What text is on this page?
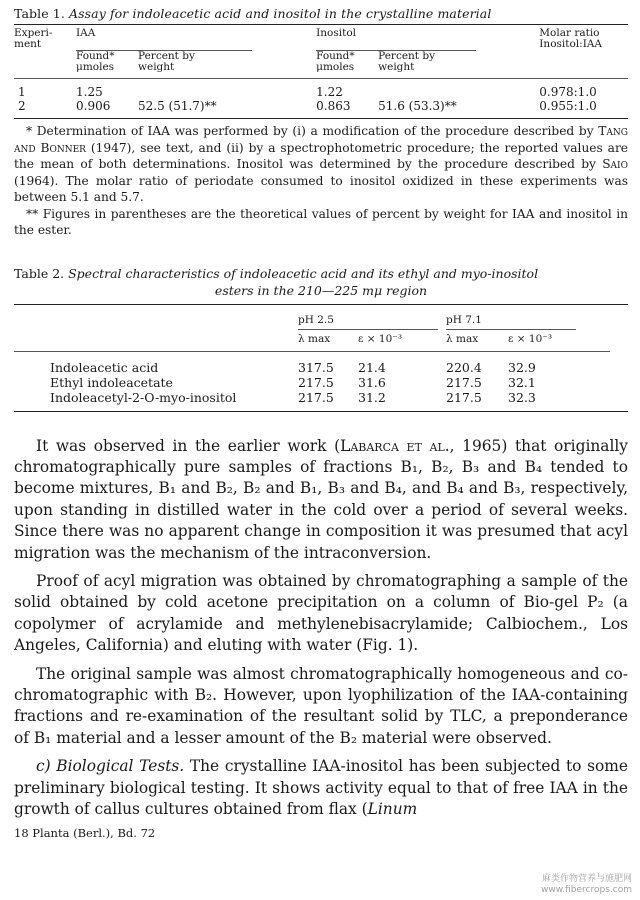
Table 1. Assay for indoleacetic acid and inositol in the crystalline material
Experi-
ment	IAA		Inositol		Molar ratio
Inositol:IAA

	Found*
μmoles	Percent by
weight	Found*
μmoles	Percent by
weight	

1	1.25		1.22		0.978:1.0
2	0.906	52.5 (51.7)**	0.863	51.6 (53.3)**	0.955:1.0

* Determination of IAA was performed by (i) a modification of the procedure described by Tang and Bonner (1947), see text, and (ii) by a spectrophotometric procedure; the reported values are the mean of both determinations. Inositol was determined by the procedure described by Saio (1964). The molar ratio of periodate consumed to inositol oxidized in these experiments was between 5.1 and 5.7.

** Figures in parentheses are the theoretical values of percent by weight for IAA and inositol in the ester.

Table 2. Spectral characteristics of indoleacetic acid and its ethyl and myo-inositol
esters in the 210—225 mμ region
	pH 2.5		pH 7.1	

	λ max	ε × 10⁻³	λ max	ε × 10⁻³

Indoleacetic acid	317.5	21.4	220.4	32.9
Ethyl indoleacetate	217.5	31.6	217.5	32.1
Indoleacetyl-2-O-myo-inositol	217.5	31.2	217.5	32.3

It was observed in the earlier work (Labarca et al., 1965) that originally chromatographically pure samples of fractions B₁, B₂, B₃ and B₄ tended to become mixtures, B₁ and B₂, B₂ and B₁, B₃ and B₄, and B₄ and B₃, respectively, upon standing in distilled water in the cold over a period of several weeks. Since there was no apparent change in composition it was presumed that acyl migration was the mechanism of the intraconversion.

Proof of acyl migration was obtained by chromatographing a sample of the solid obtained by cold acetone precipitation on a column of Bio-gel P₂ (a copolymer of acrylamide and methylenebisacrylamide; Calbiochem., Los Angeles, California) and eluting with water (Fig. 1).

The original sample was almost chromatographically homogeneous and co-chromatographic with B₂. However, upon lyophilization of the IAA-containing fractions and re-examination of the resultant solid by TLC, a preponderance of B₁ material and a lesser amount of the B₂ material were observed.

c) Biological Tests. The crystalline IAA-inositol has been subjected to some preliminary biological testing. It shows activity equal to that of free IAA in the growth of callus cultures obtained from flax (Linum

18 Planta (Berl.), Bd. 72
麻类作物营养与施肥网
www.fibercrops.com
